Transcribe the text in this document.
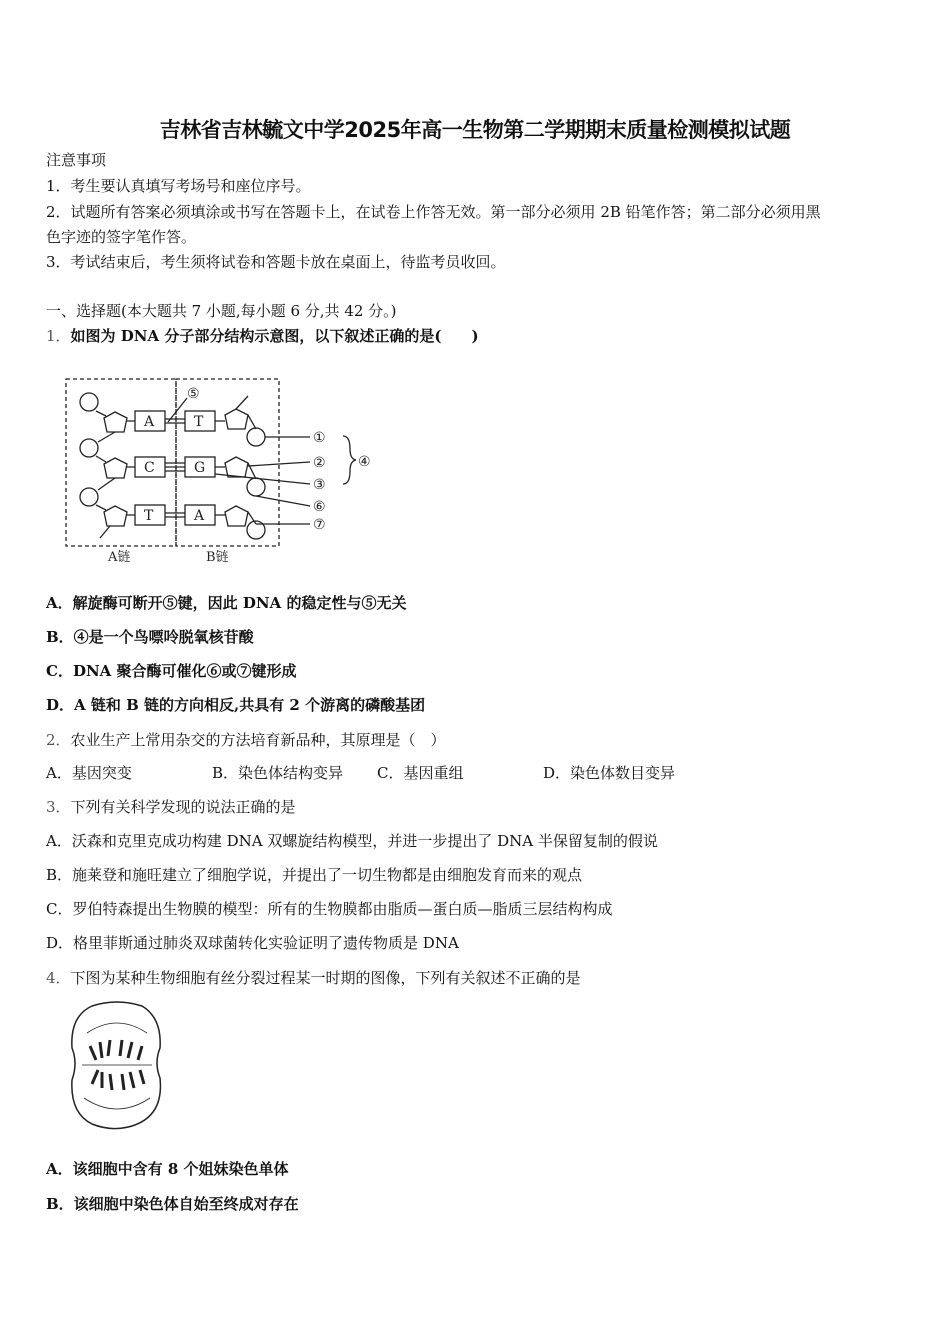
吉林省吉林毓文中学2025年高一生物第二学期期末质量检测模拟试题
注意事项
1．考生要认真填写考场号和座位序号。
2．试题所有答案必须填涂或书写在答题卡上，在试卷上作答无效。第一部分必须用 2B 铅笔作答；第二部分必须用黑
色字迹的签字笔作答。
3．考试结束后，考生须将试卷和答题卡放在桌面上，待监考员收回。
一、选择题(本大题共 7 小题,每小题 6 分,共 42 分。)
1．如图为 DNA 分子部分结构示意图，以下叙述正确的是(　　)
A
C
T
T
G
A
①
②
③
④
⑤
⑥
⑦
A链	B链
A．解旋酶可断开⑤键，因此 DNA 的稳定性与⑤无关
B．④是一个鸟嘌呤脱氧核苷酸
C．DNA 聚合酶可催化⑥或⑦键形成
D．A 链和 B 链的方向相反,共具有 2 个游离的磷酸基团
2．农业生产上常用杂交的方法培育新品种，其原理是（　）
A．基因突变	B．染色体结构变异 C．基因重组	D．染色体数目变异
3．下列有关科学发现的说法正确的是
A．沃森和克里克成功构建 DNA 双螺旋结构模型，并进一步提出了 DNA 半保留复制的假说
B．施莱登和施旺建立了细胞学说，并提出了一切生物都是由细胞发育而来的观点
C．罗伯特森提出生物膜的模型：所有的生物膜都由脂质—蛋白质—脂质三层结构构成
D．格里菲斯通过肺炎双球菌转化实验证明了遗传物质是 DNA
4．下图为某种生物细胞有丝分裂过程某一时期的图像，下列有关叙述不正确的是
A．该细胞中含有 8 个姐妹染色单体
B．该细胞中染色体自始至终成对存在
